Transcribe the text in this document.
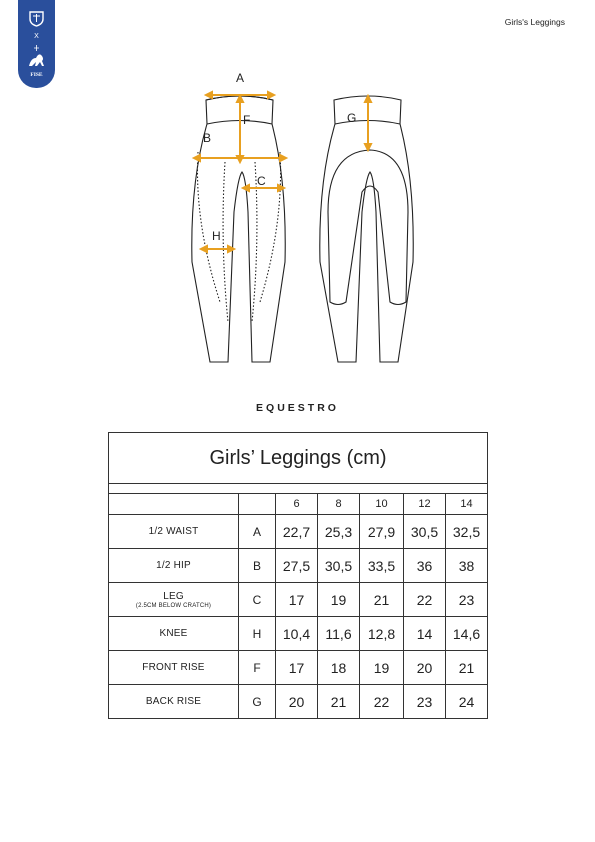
X
FISE
Girls's Leggings
A
F
B
C
H
G
EQUESTRO
Girls’ Leggings (cm)						

		6	8	10	12	14
1/2 WAIST	A	22,7	25,3	27,9	30,5	32,5
1/2 HIP	B	27,5	30,5	33,5	36	38
LEG
(2.5CM BELOW CRATCH)	C	17	19	21	22	23
KNEE	H	10,4	11,6	12,8	14	14,6
FRONT RISE	F	17	18	19	20	21
BACK RISE	G	20	21	22	23	24
